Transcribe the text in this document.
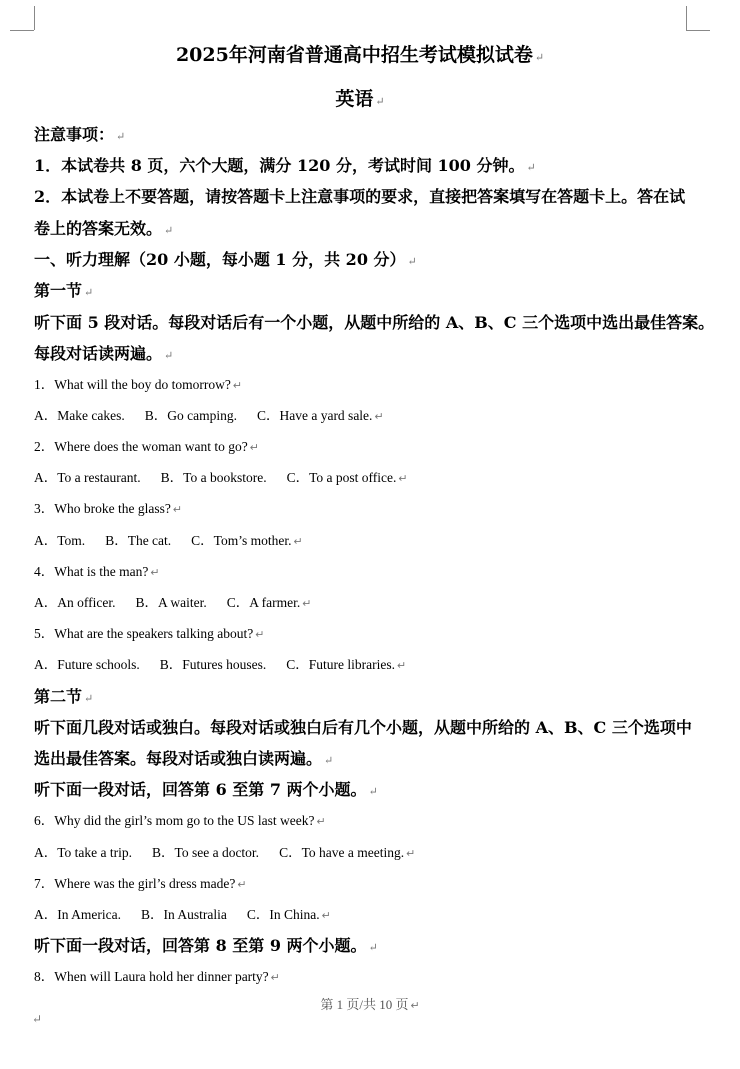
2025年河南省普通高中招生考试模拟试卷 ↵
英语 ↵
注意事项： ↵
1．本试卷共 8 页，六个大题，满分 120 分，考试时间 100 分钟。 ↵
2．本试卷上不要答题，请按答题卡上注意事项的要求，直接把答案填写在答题卡上。答在试
卷上的答案无效。 ↵
一、听力理解（20 小题，每小题 1 分，共 20 分） ↵
第一节 ↵
听下面 5 段对话。每段对话后有一个小题，从题中所给的 A、B、C 三个选项中选出最佳答案。
每段对话读两遍。 ↵
1．What will the boy do tomorrow? ↵
A．Make cakes. B．Go camping. C．Have a yard sale. ↵
2．Where does the woman want to go? ↵
A．To a restaurant. B．To a bookstore. C．To a post office. ↵
3．Who broke the glass? ↵
A．Tom. B．The cat. C．Tom’s mother. ↵
4．What is the man? ↵
A．An officer. B．A waiter. C．A farmer. ↵
5．What are the speakers talking about? ↵
A．Future schools. B．Futures houses. C．Future libraries. ↵
第二节 ↵
听下面几段对话或独白。每段对话或独白后有几个小题，从题中所给的 A、B、C 三个选项中
选出最佳答案。每段对话或独白读两遍。 ↵
听下面一段对话，回答第 6 至第 7 两个小题。 ↵
6．Why did the girl’s mom go to the US last week? ↵
A．To take a trip. B．To see a doctor. C．To have a meeting. ↵
7．Where was the girl’s dress made? ↵
A．In America. B．In Australia C．In China. ↵
听下面一段对话，回答第 8 至第 9 两个小题。 ↵
8．When will Laura hold her dinner party? ↵
第 1 页/共 10 页 ↵
↵
